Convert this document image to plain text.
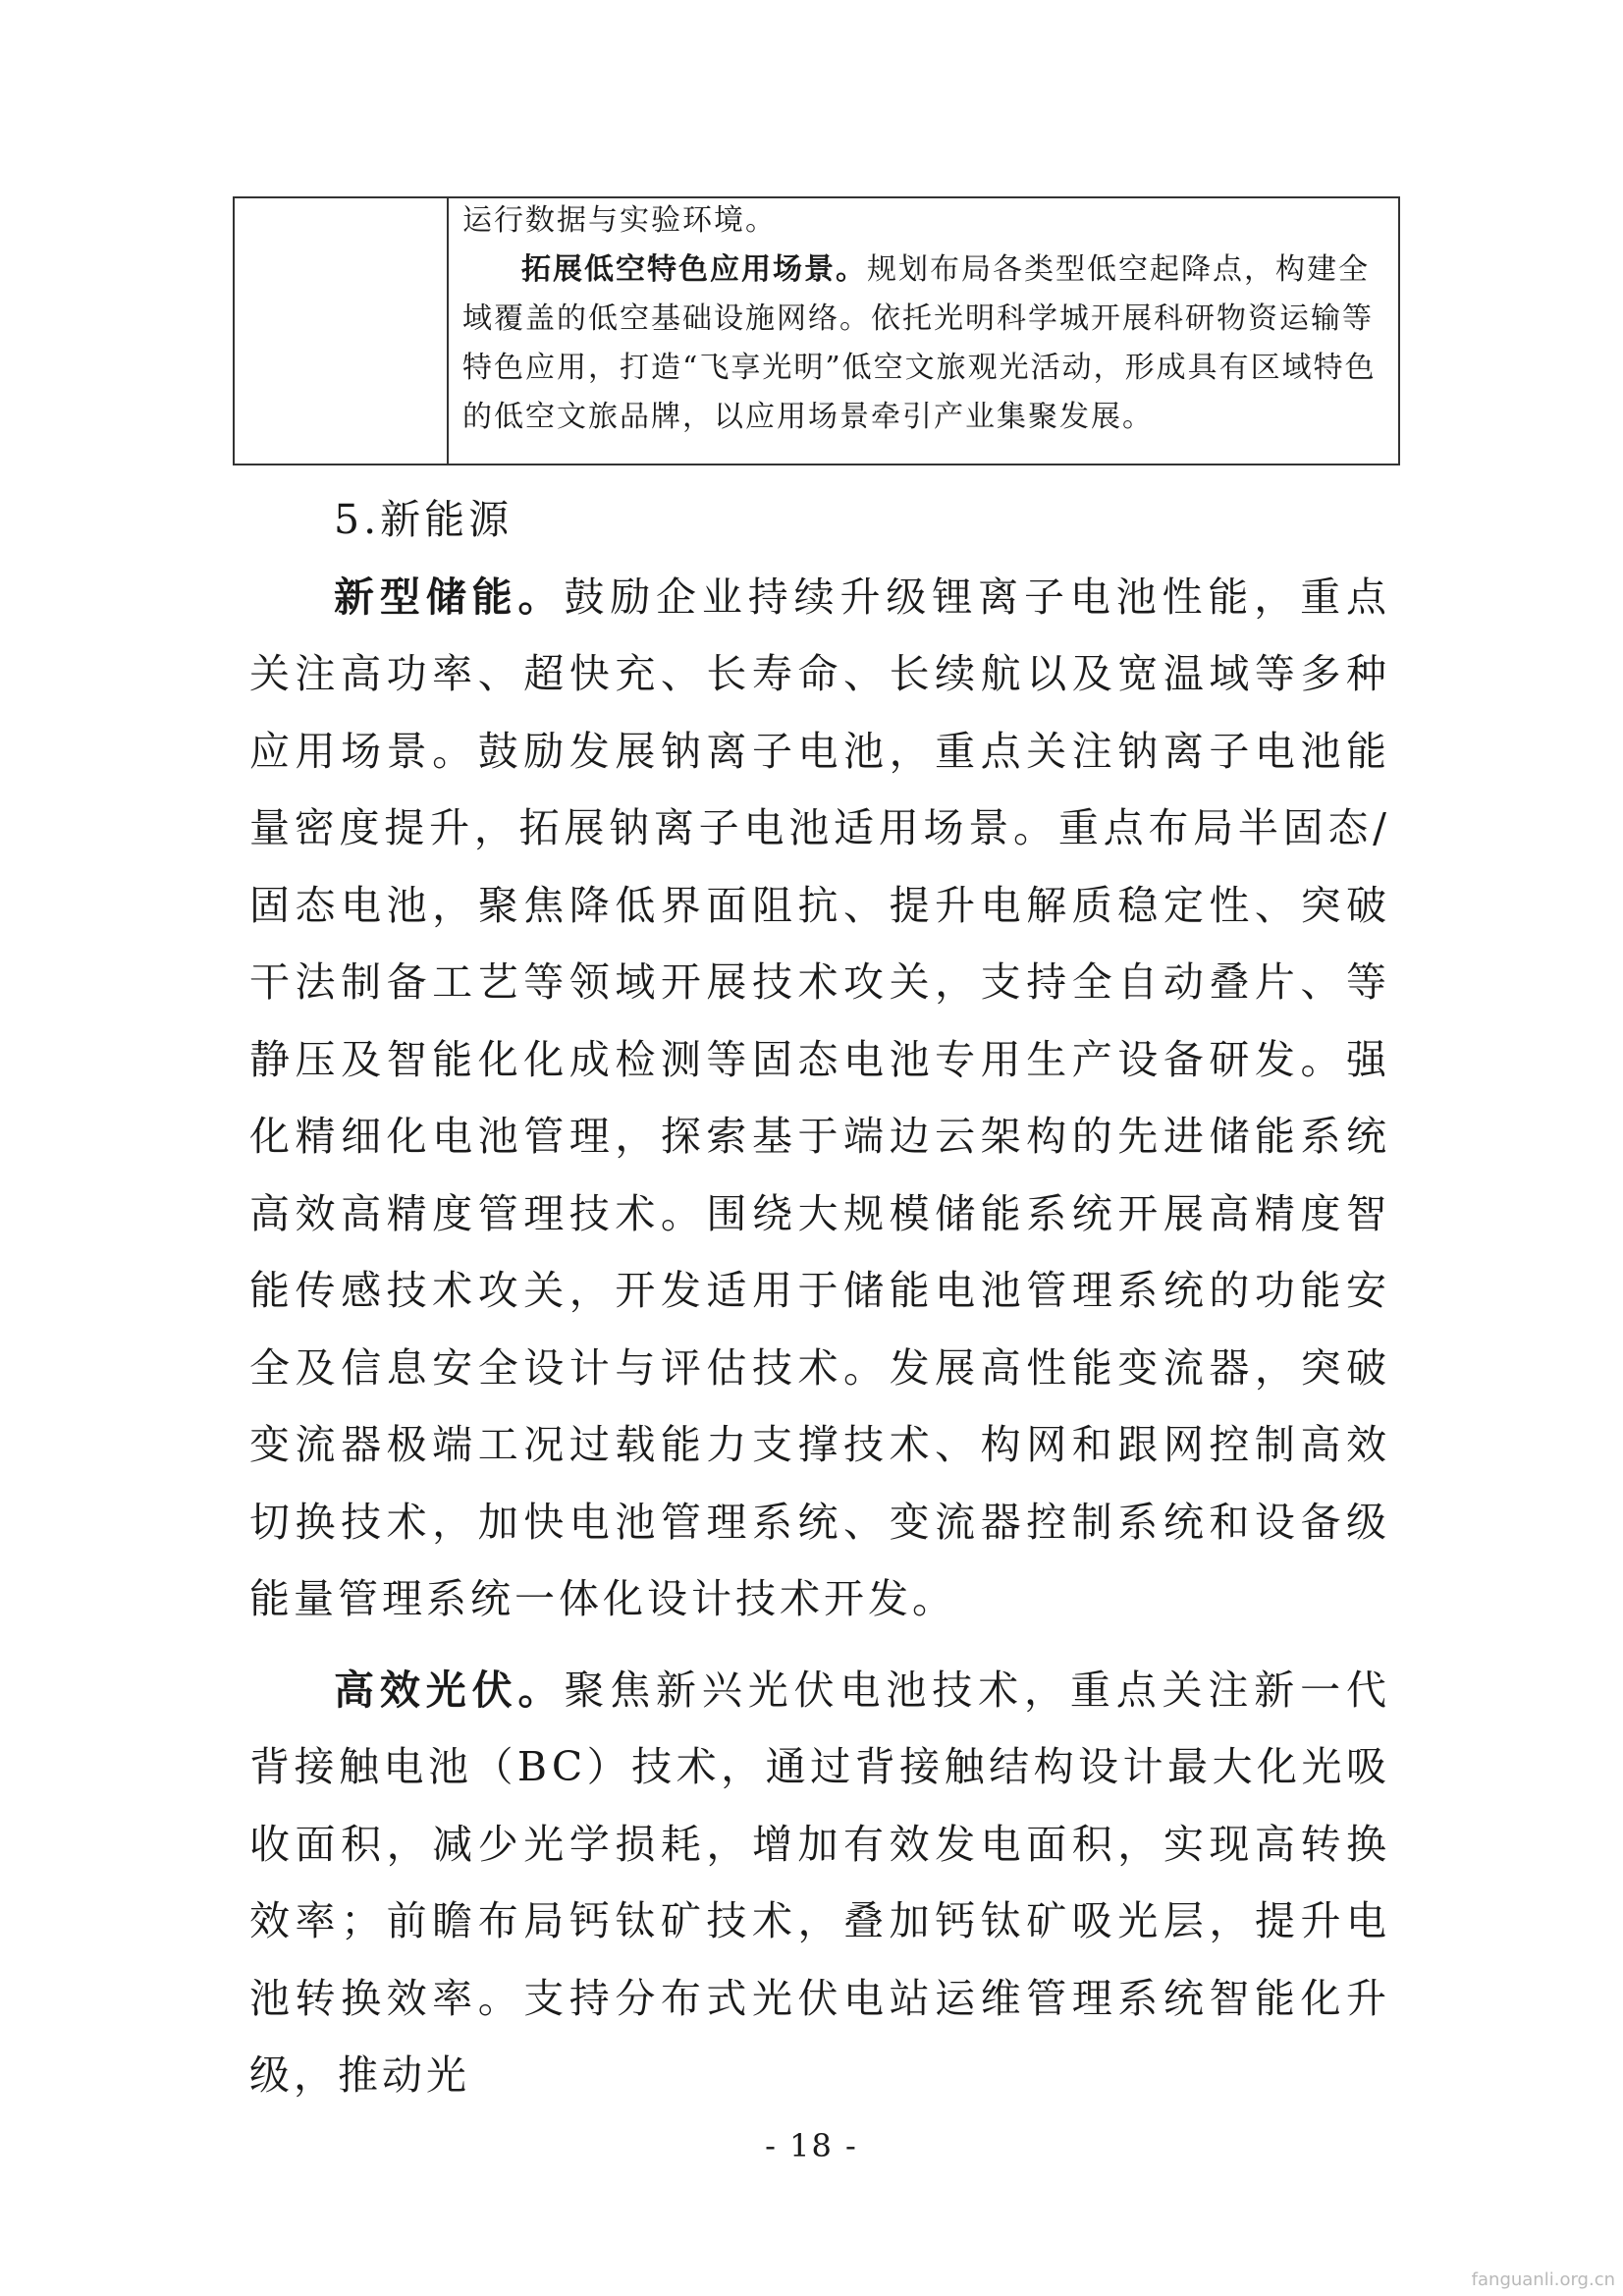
运行数据与实验环境。

拓展低空特色应用场景。规划布局各类型低空起降点，构建全域覆盖的低空基础设施网络。依托光明科学城开展科研物资运输等特色应用，打造“飞享光明”低空文旅观光活动，形成具有区域特色的低空文旅品牌，以应用场景牵引产业集聚发展。

5.新能源

新型储能。鼓励企业持续升级锂离子电池性能，重点关注高功率、超快充、长寿命、长续航以及宽温域等多种应用场景。鼓励发展钠离子电池，重点关注钠离子电池能量密度提升，拓展钠离子电池适用场景。重点布局半固态/固态电池，聚焦降低界面阻抗、提升电解质稳定性、突破干法制备工艺等领域开展技术攻关，支持全自动叠片、等静压及智能化化成检测等固态电池专用生产设备研发。强化精细化电池管理，探索基于端边云架构的先进储能系统高效高精度管理技术。围绕大规模储能系统开展高精度智能传感技术攻关，开发适用于储能电池管理系统的功能安全及信息安全设计与评估技术。发展高性能变流器，突破变流器极端工况过载能力支撑技术、构网和跟网控制高效切换技术，加快电池管理系统、变流器控制系统和设备级能量管理系统一体化设计技术开发。

高效光伏。聚焦新兴光伏电池技术，重点关注新一代背接触电池（BC）技术，通过背接触结构设计最大化光吸收面积，减少光学损耗，增加有效发电面积，实现高转换效率；前瞻布局钙钛矿技术，叠加钙钛矿吸光层，提升电池转换效率。支持分布式光伏电站运维管理系统智能化升级，推动光

- 18 -
fanguanli.org.cn
